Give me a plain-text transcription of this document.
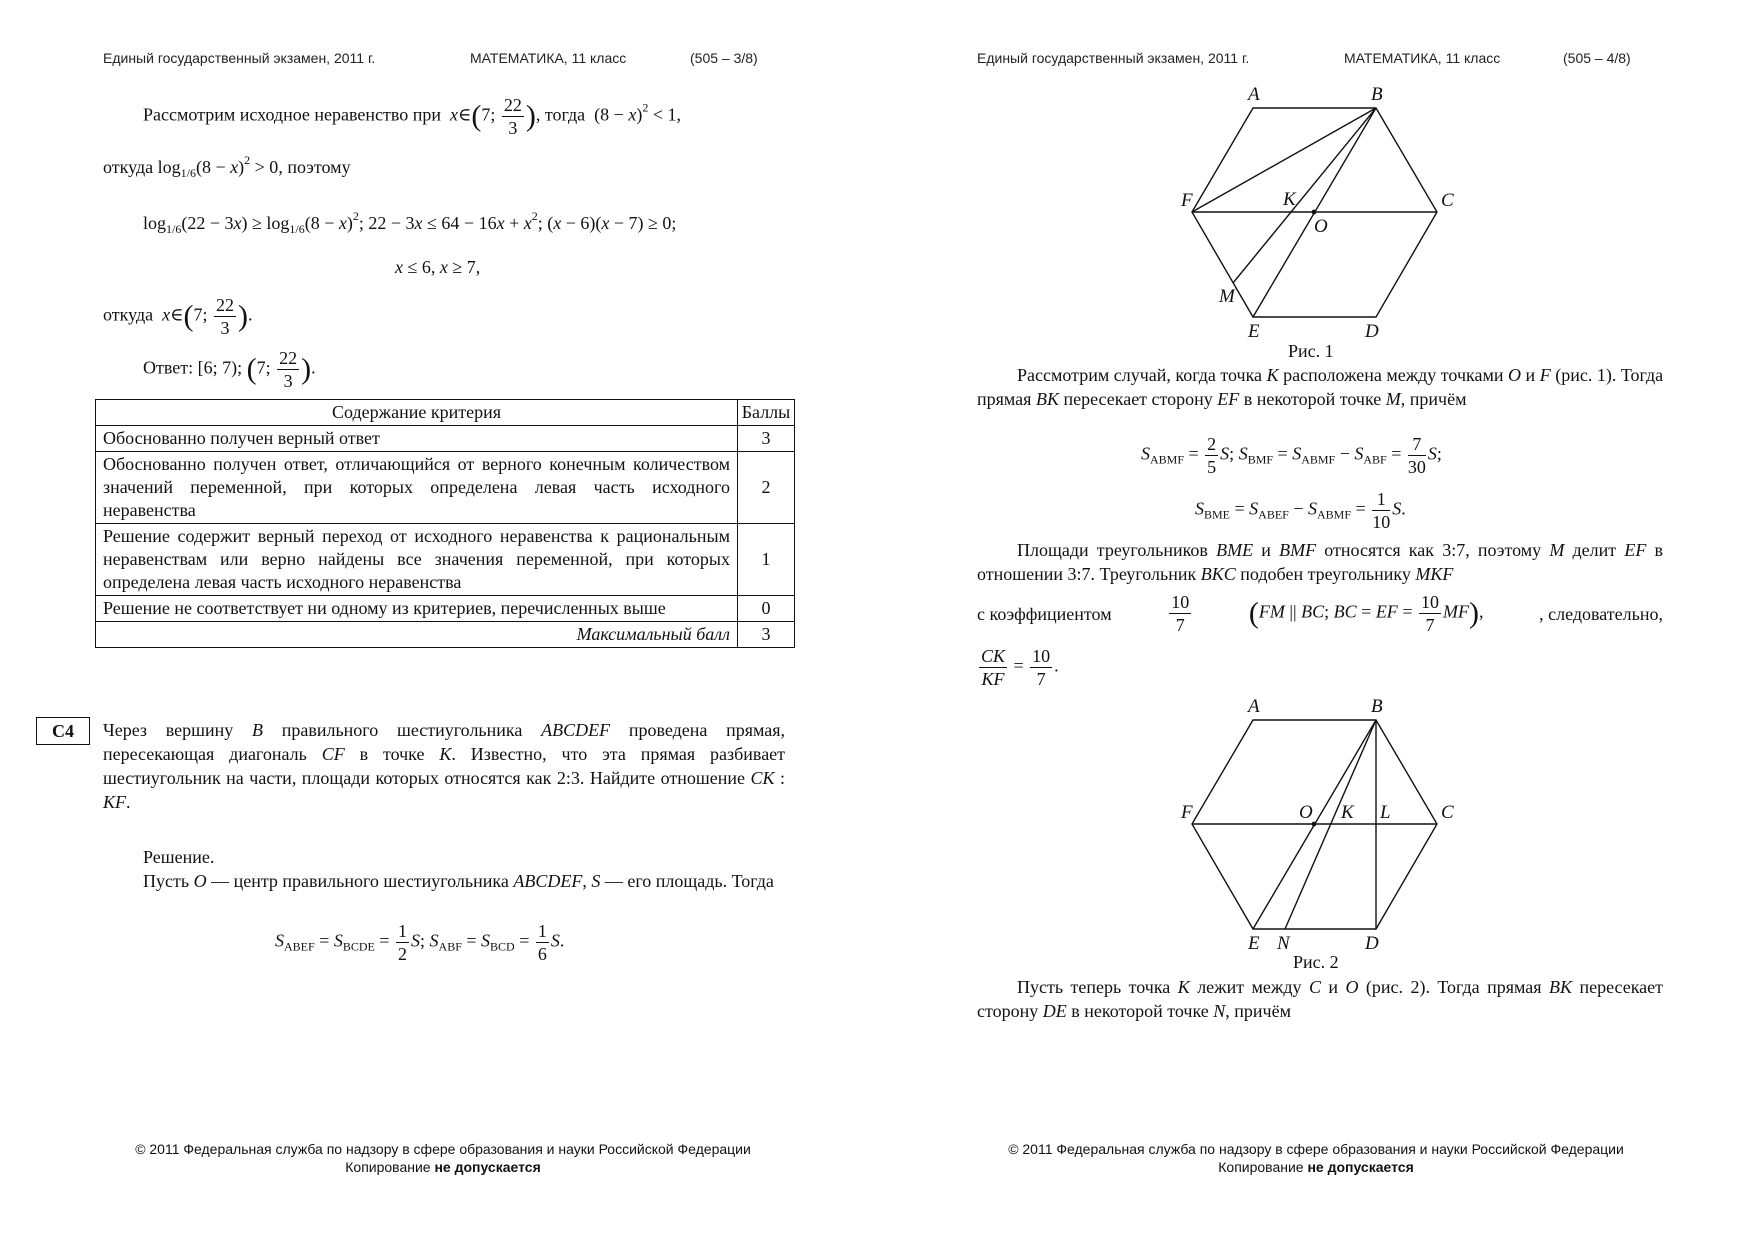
Единый государственный экзамен, 2011 г.	МАТЕМАТИКА, 11 класс	(505 – 3/8)
Рассмотрим исходное неравенство при  x∈(7; $\frac{22}{3}$ ), тогда  $(8 - x)^2 < 1$,
откуда $\log_{1/6}(8 - x)^2 > 0$, поэтому
$\log_{1/6}(22 - 3x) \ge \log_{1/6}(8 - x)^2$; $22 - 3x \le 64 - 16x + x^2$; (x − 6)(x − 7) ≥ 0;
x ≤ 6, x ≥ 7,
откуда  x∈(7; $\frac{22}{3}$ ).
Ответ: [6; 7); (7; $\frac{22}{3}$ ).
Содержание критерия	Баллы
Обоснованно получен верный ответ	3
Обоснованно получен ответ, отличающийся от верного конечным количеством значений переменной, при которых определена левая часть исходного неравенства	2
Решение содержит верный переход от исходного неравенства к рациональным неравенствам или верно найдены все значения переменной, при которых определена левая часть исходного неравенства	1
Решение не соответствует ни одному из критериев, перечисленных выше	0
Максимальный балл	3
C4	Через вершину B правильного шестиугольника ABCDEF проведена прямая, пересекающая диагональ CF в точке K. Известно, что эта прямая разбивает шестиугольник на части, площади которых относятся как 2:3. Найдите отношение CK : KF.
Решение.
Пусть O — центр правильного шестиугольника ABCDEF, S — его площадь. Тогда
$S_{ABEF} = S_{BCDE} = \frac{1}{2} S$; $S_{ABF} = S_{BCD} = \frac{1}{6} S$.
© 2011 Федеральная служба по надзору в сфере образования и науки Российской Федерации
Копирование не допускается
Единый государственный экзамен, 2011 г.	МАТЕМАТИКА, 11 класс	(505 – 4/8)
A	B
C
D
E
F	K
O
M
Рис. 1
Рассмотрим случай, когда точка K расположена между точками O и F (рис. 1). Тогда прямая BK пересекает сторону EF в некоторой точке M, причём
$S_{ABMF} = \frac{2}{5} S$; $S_{BMF} = S_{ABMF} - S_{ABF} = \frac{7}{30} S$;
$S_{BME} = S_{ABEF} - S_{ABMF} = \frac{1}{10} S$.
Площади треугольников BME и BMF относятся как 3:7, поэтому M делит EF в отношении 3:7. Треугольник BKC подобен треугольнику MKF
с коэффициентом	$\frac{10}{7} (FM$ || BC; BC = EF = $\frac{10}{7} MF$),	, следовательно,
$\frac{CK}{KF} = \frac{10}{7}$ .
A	B
C
D
E
F	O K L
N
Рис. 2
Пусть теперь точка K лежит между C и O (рис. 2). Тогда прямая BK пересекает сторону DE в некоторой точке N, причём
© 2011 Федеральная служба по надзору в сфере образования и науки Российской Федерации
Копирование не допускается
